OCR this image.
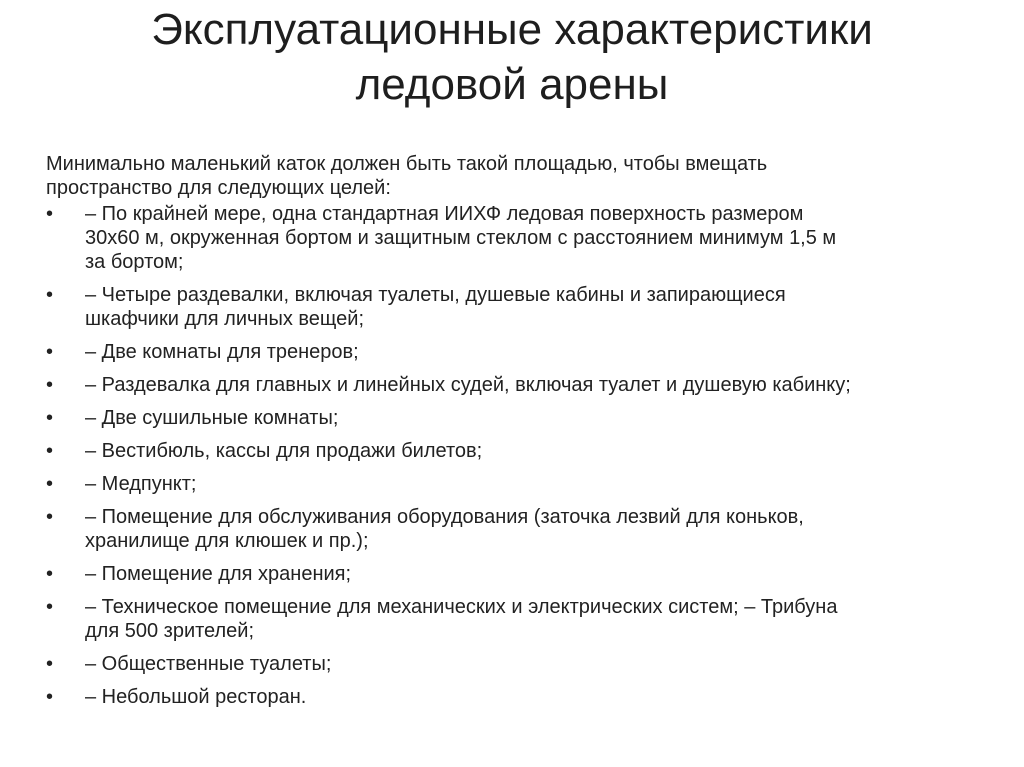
Эксплуатационные характеристики
ледовой арены

Минимально маленький каток должен быть такой площадью, чтобы вмещать
пространство для следующих целей:

•	– По крайней мере, одна стандартная ИИХФ ледовая поверхность размером
30х60 м, окруженная бортом и защитным стеклом с расстоянием минимум 1,5 м
за бортом;
•	– Четыре раздевалки, включая туалеты, душевые кабины и запирающиеся
шкафчики для личных вещей;
•	– Две комнаты для тренеров;
•	– Раздевалка для главных и линейных судей, включая туалет и душевую кабинку;
•	– Две сушильные комнаты;
•	– Вестибюль, кассы для продажи билетов;
•	– Медпункт;
•	– Помещение для обслуживания оборудования (заточка лезвий для коньков,
хранилище для клюшек и пр.);
•	– Помещение для хранения;
•	– Техническое помещение для механических и электрических систем; – Трибуна
для 500 зрителей;
•	– Общественные туалеты;
•	– Небольшой ресторан.
